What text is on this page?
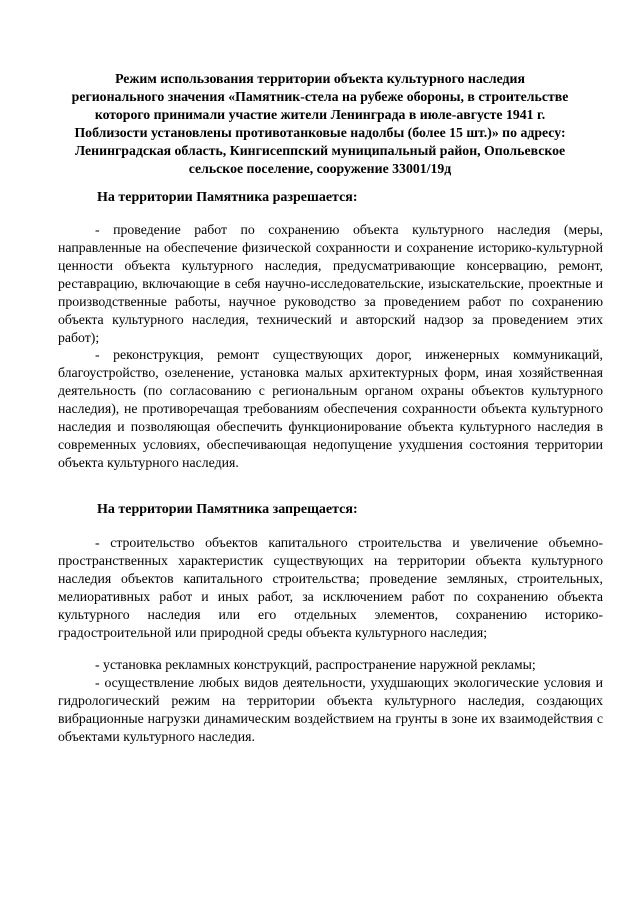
Режим использования территории объекта культурного наследия
регионального значения «Памятник-стела на рубеже обороны, в строительстве
которого принимали участие жители Ленинграда в июле-августе 1941 г.
Поблизости установлены противотанковые надолбы (более 15 шт.)» по адресу:
Ленинградская область, Кингисеппский муниципальный район, Опольевское
сельское поселение, сооружение 33001/19д
На территории Памятника разрешается:

- проведение работ по сохранению объекта культурного наследия (меры, направленные на обеспечение физической сохранности и сохранение историко-культурной ценности объекта культурного наследия, предусматривающие консервацию, ремонт, реставрацию, включающие в себя научно-исследовательские, изыскательские, проектные и производственные работы, научное руководство за проведением работ по сохранению объекта культурного наследия, технический и авторский надзор за проведением этих работ);

- реконструкция, ремонт существующих дорог, инженерных коммуникаций, благоустройство, озеленение, установка малых архитектурных форм, иная хозяйственная деятельность (по согласованию с региональным органом охраны объектов культурного наследия), не противоречащая требованиям обеспечения сохранности объекта культурного наследия и позволяющая обеспечить функционирование объекта культурного наследия в современных условиях, обеспечивающая недопущение ухудшения состояния территории объекта культурного наследия.

На территории Памятника запрещается:

- строительство объектов капитального строительства и увеличение объемно-пространственных характеристик существующих на территории объекта культурного наследия объектов капитального строительства; проведение земляных, строительных, мелиоративных работ и иных работ, за исключением работ по сохранению объекта культурного наследия или его отдельных элементов, сохранению историко-градостроительной или природной среды объекта культурного наследия;

- установка рекламных конструкций, распространение наружной рекламы;

- осуществление любых видов деятельности, ухудшающих экологические условия и гидрологический режим на территории объекта культурного наследия, создающих вибрационные нагрузки динамическим воздействием на грунты в зоне их взаимодействия с объектами культурного наследия.
